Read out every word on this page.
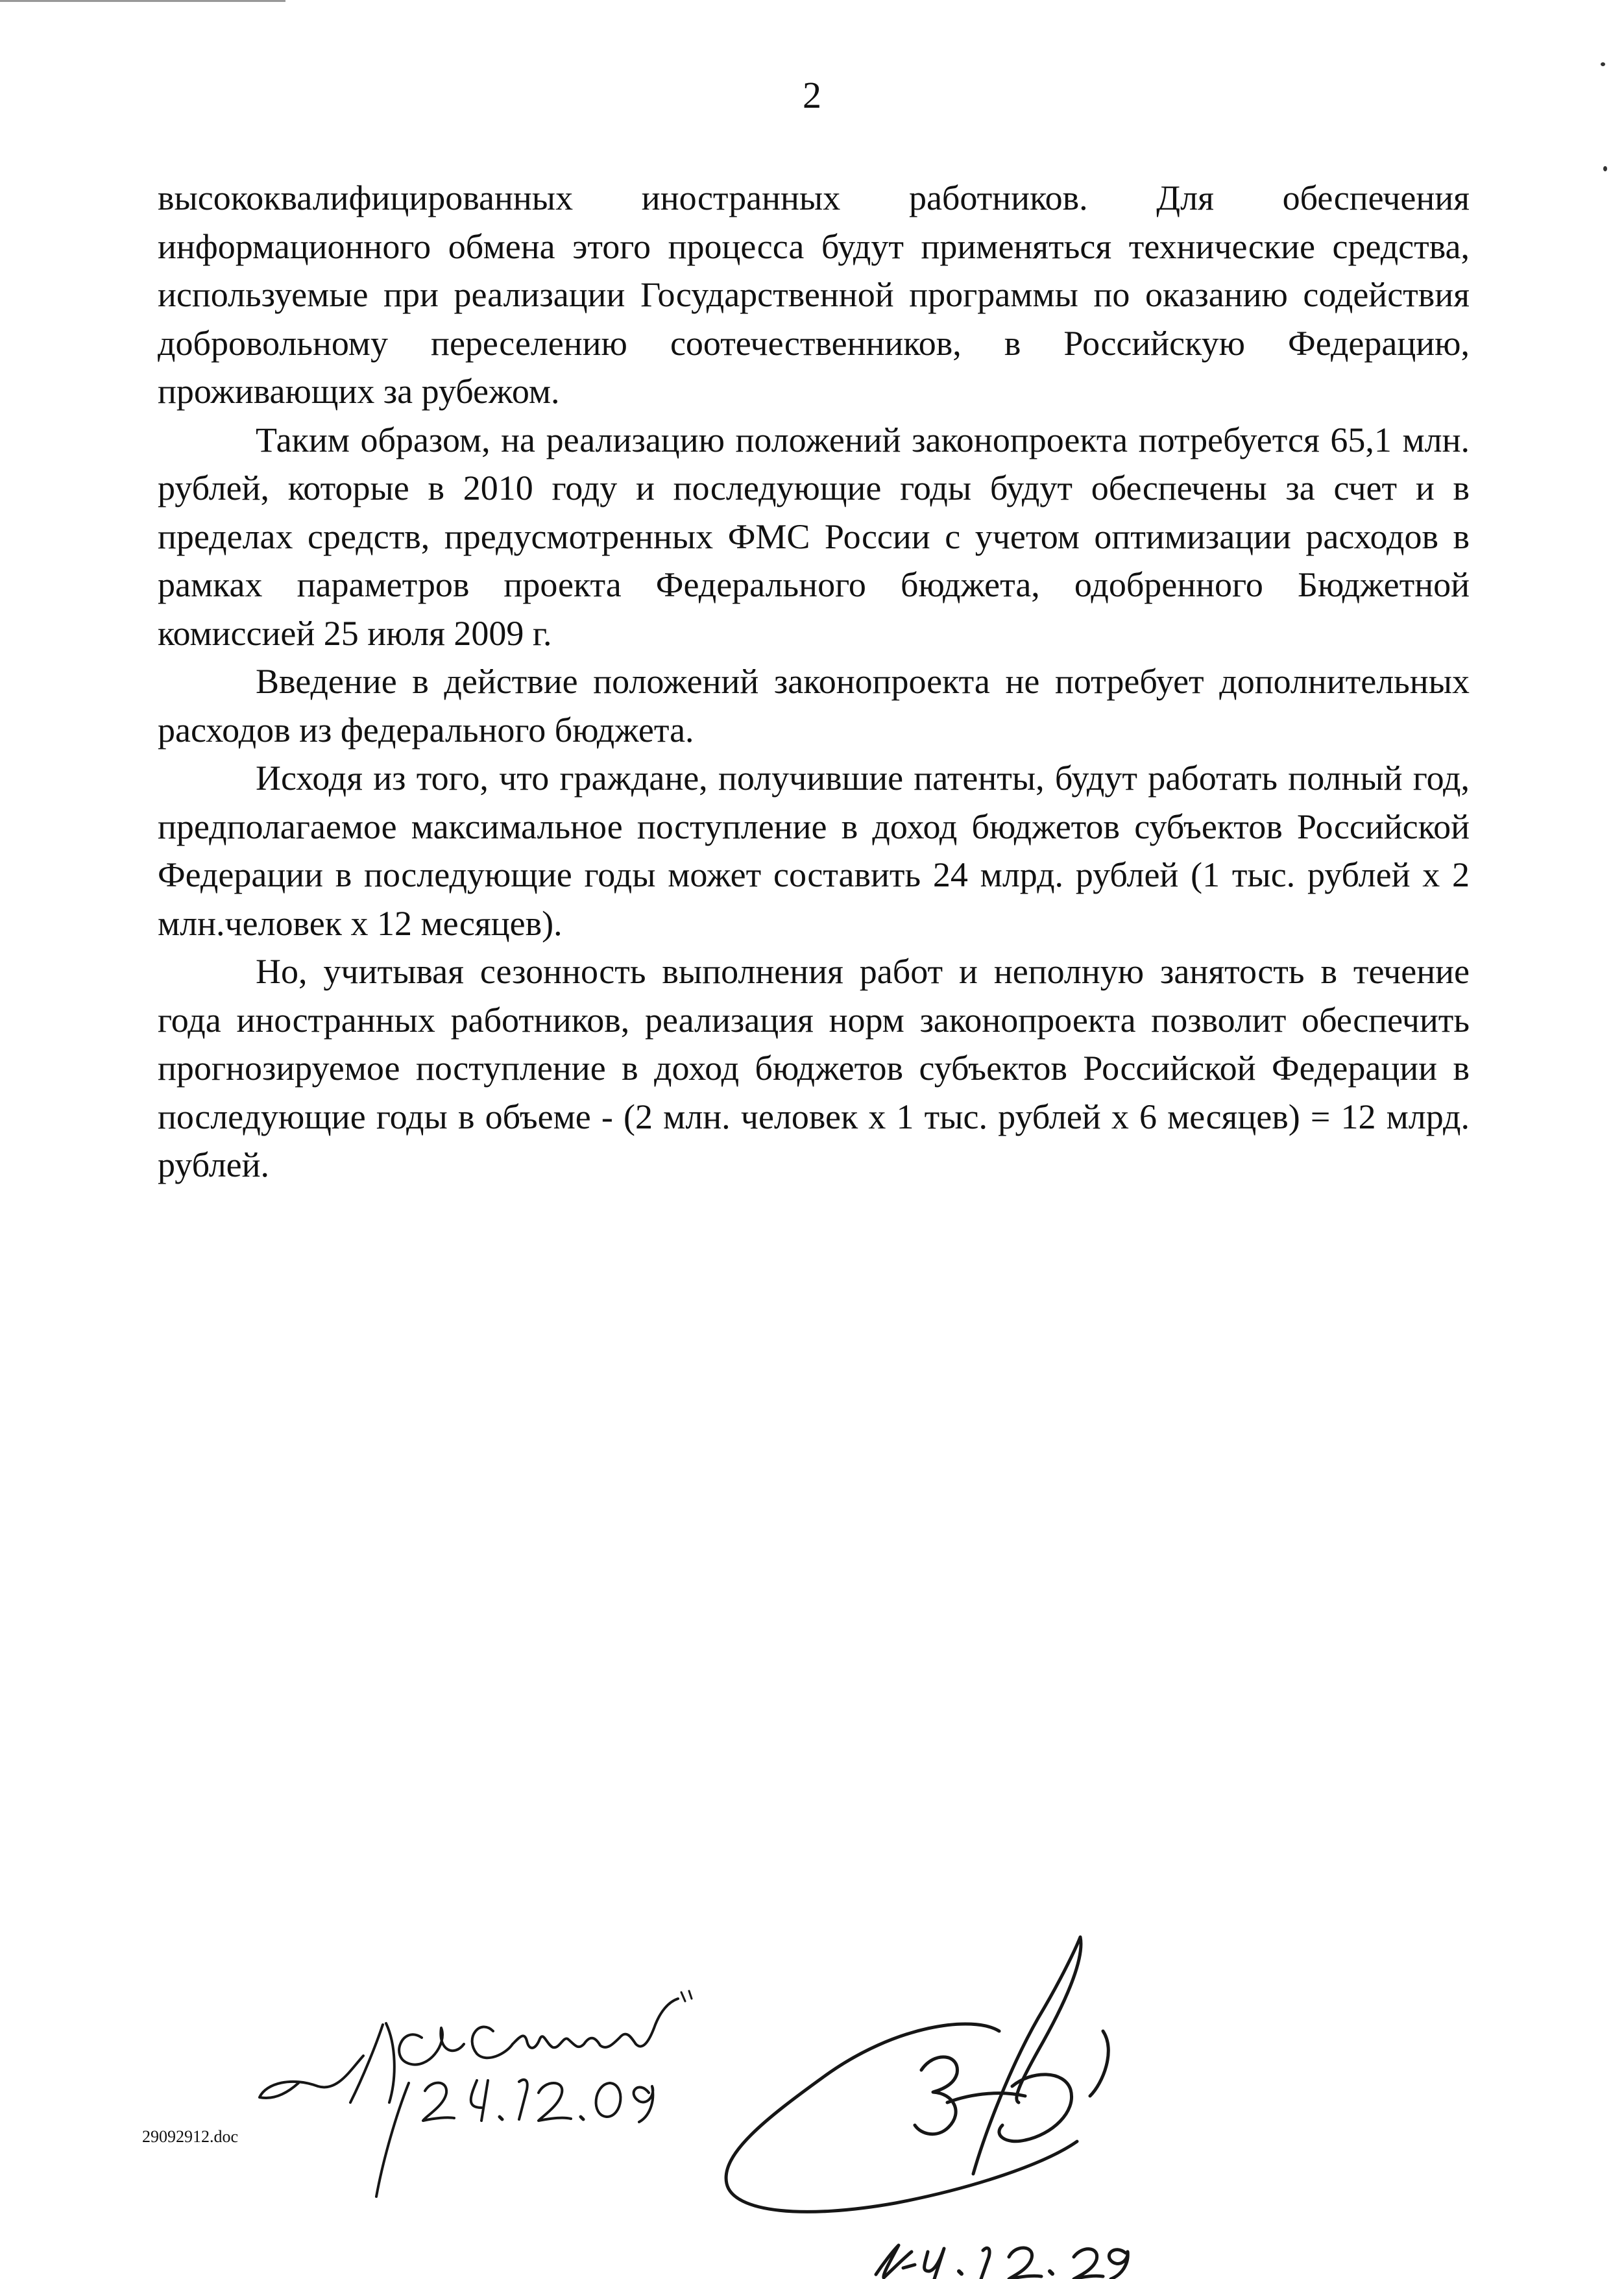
2

высококвалифицированных иностранных работников. Для обеспечения информационного обмена этого процесса будут применяться технические средства, используемые при реализации Государственной программы по оказанию содействия добровольному переселению соотечественников, в Российскую Федерацию, проживающих за рубежом.

Таким образом, на реализацию положений законопроекта потребуется 65,1 млн. рублей, которые в 2010 году и последующие годы будут обеспечены за счет и в пределах средств, предусмотренных ФМС России с учетом оптимизации расходов в рамках параметров проекта Федерального бюджета, одобренного Бюджетной комиссией 25 июля 2009 г.

Введение в действие положений законопроекта не потребует дополнительных расходов из федерального бюджета.

Исходя из того, что граждане, получившие патенты, будут работать полный год, предполагаемое максимальное поступление в доход бюджетов субъектов Российской Федерации в последующие годы может составить 24 млрд. рублей (1 тыс. рублей х 2 млн.человек х 12 месяцев).

Но, учитывая сезонность выполнения работ и неполную занятость в течение года иностранных работников, реализация норм законопроекта позволит обеспечить прогнозируемое поступление в доход бюджетов субъектов Российской Федерации в последующие годы в объеме - (2 млн. человек х 1 тыс. рублей х 6 месяцев) = 12 млрд. рублей.

29092912.doc
